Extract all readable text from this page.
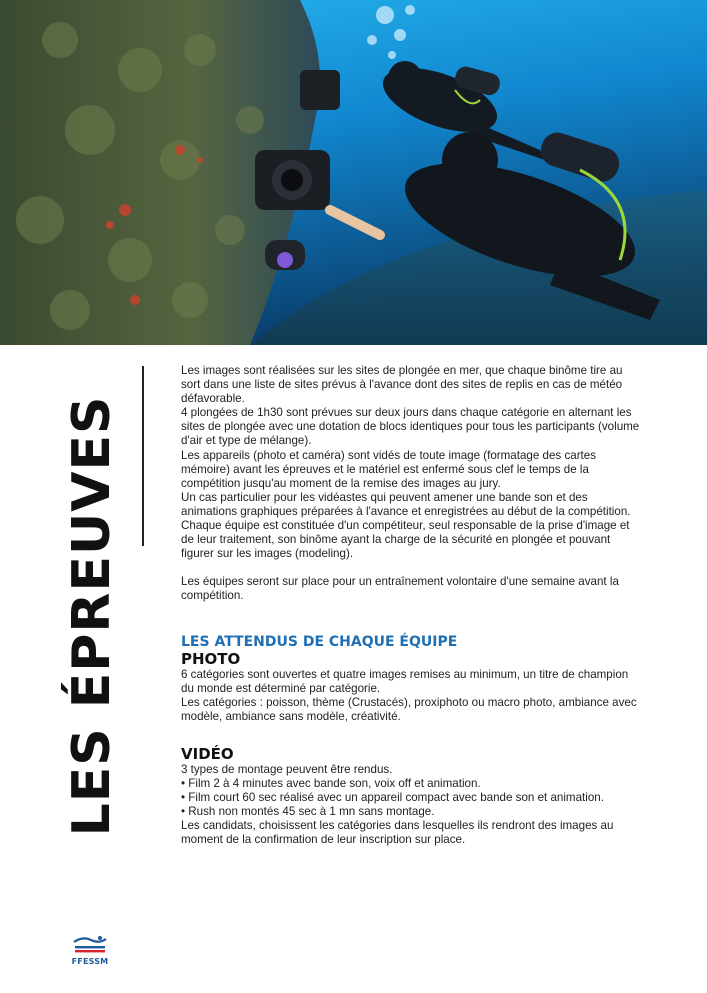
LES ÉPREUVES

Les images sont réalisées sur les sites de plongée en mer, que chaque binôme tire au sort dans une liste de sites prévus à l'avance dont des sites de replis en cas de météo défavorable.

4 plongées de 1h30 sont prévues sur deux jours dans chaque catégorie en alternant les sites de plongée avec une dotation de blocs identiques pour tous les participants (volume d'air et type de mélange).

Les appareils (photo et caméra) sont vidés de toute image (formatage des cartes mémoire) avant les épreuves et le matériel est enfermé sous clef le temps de la compétition jusqu'au moment de la remise des images au jury.

Un cas particulier pour les vidéastes qui peuvent amener une bande son et des animations graphiques préparées à l'avance et enregistrées au début de la compétition.

Chaque équipe est constituée d'un compétiteur, seul responsable de la prise d'image et de leur traitement, son binôme ayant la charge de la sécurité en plongée et pouvant figurer sur les images (modeling).

Les équipes seront sur place pour un entraînement volontaire d'une semaine avant la compétition.

LES ATTENDUS DE CHAQUE ÉQUIPE
PHOTO

6 catégories sont ouvertes et quatre images remises au minimum, un titre de champion du monde est déterminé par catégorie.

Les catégories : poisson, thème (Crustacés), proxiphoto ou macro photo, ambiance avec modèle, ambiance sans modèle, créativité.

VIDÉO

3 types de montage peuvent être rendus.

• Film 2 à 4 minutes avec bande son, voix off et animation.

• Film court 60 sec réalisé avec un appareil compact avec bande son et animation.

• Rush non montés 45 sec à 1 mn sans montage.

Les candidats, choisissent les catégories dans lesquelles ils rendront des images au moment de la confirmation de leur inscription sur place.

FFESSM
